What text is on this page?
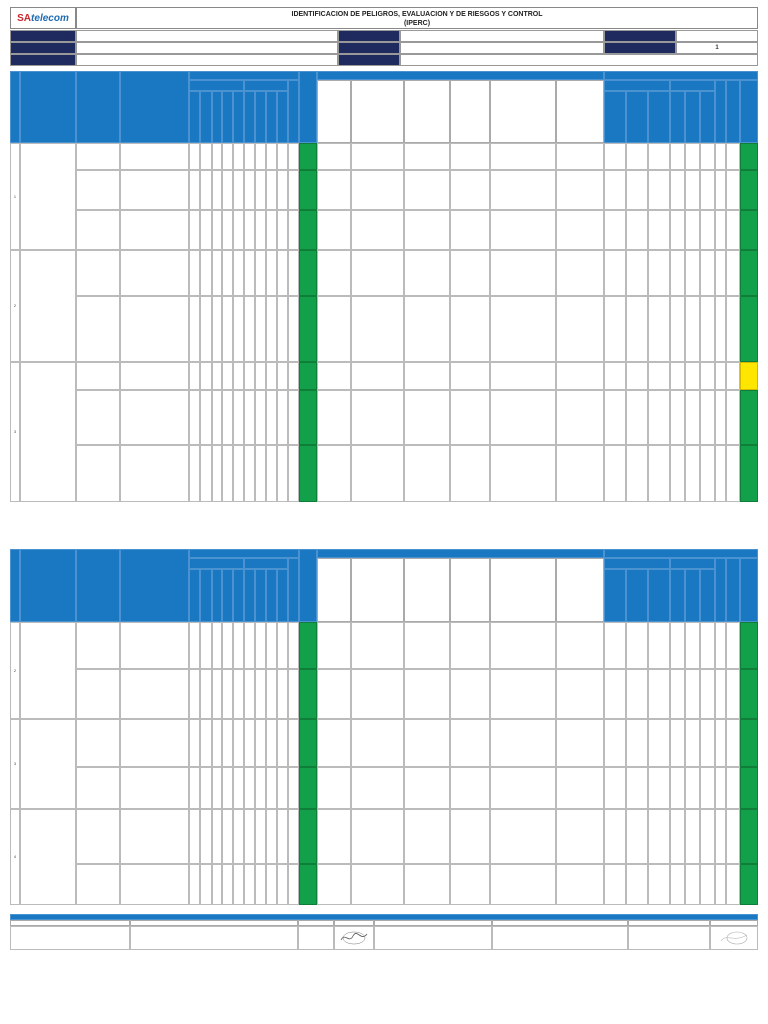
SA telecom	IDENTIFICACION DE PELIGROS, EVALUACION Y DE RIESGOS Y CONTROL
(IPERC)
1
1
2
3
2
3
4
